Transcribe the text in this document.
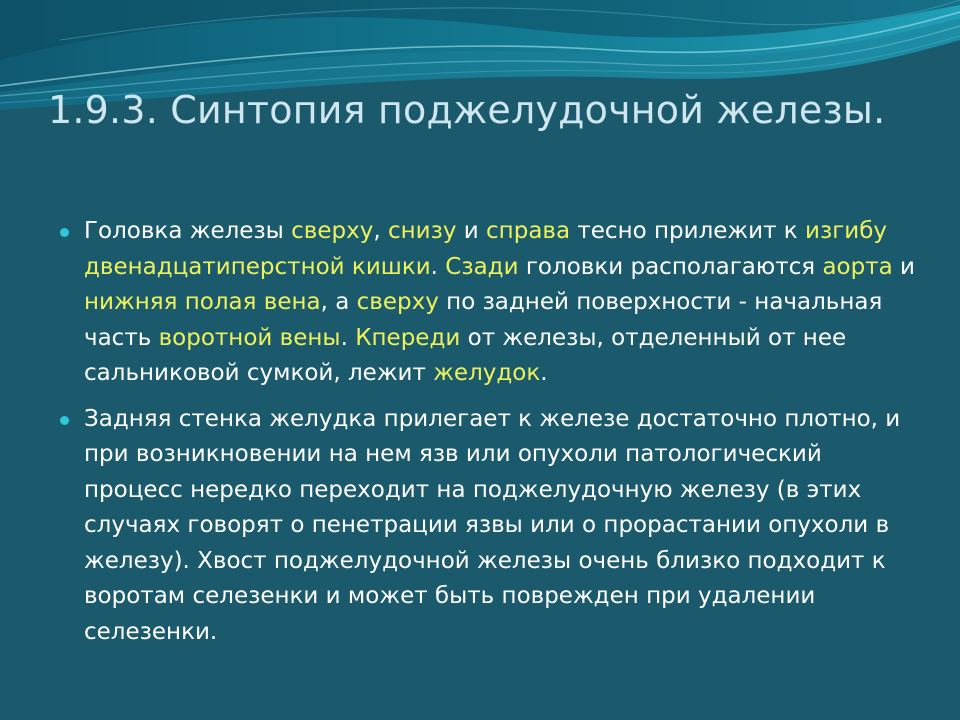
1.9.3. Синтопия поджелудочной железы.

Головка железы сверху, снизу и справа тесно прилежит к изгибу двенадцатиперстной кишки. Сзади головки располагаются аорта и нижняя полая вена, а сверху по задней поверхности - начальная часть воротной вены. Кпереди от железы, отделенный от нее сальниковой сумкой, лежит желудок.

Задняя стенка желудка прилегает к железе достаточно плотно, и при возникновении на нем язв или опухоли патологический процесс нередко переходит на поджелудочную железу (в этих случаях говорят о пенетрации язвы или о прорастании опухоли в железу). Хвост поджелудочной железы очень близко подходит к воротам селезенки и может быть поврежден при удалении селезенки.
